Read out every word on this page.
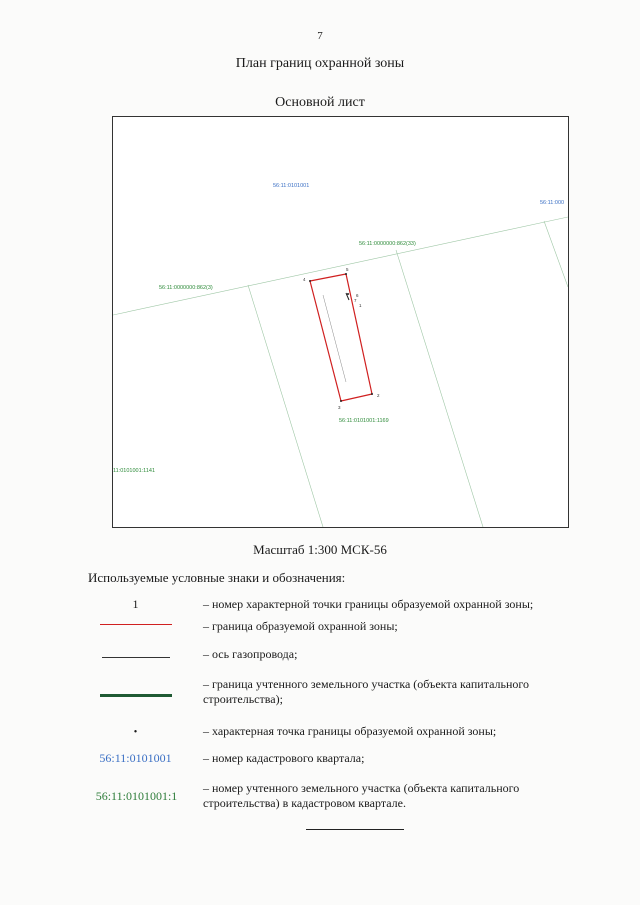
7
План границ охранной зоны
Основной лист
56:11:0101001
56:11:000
56:11:0000000:862(33)
56:11:0000000:862(3)
56:11:0101001:1169
11:0101001:1141
4
5
6
7
1
2
3
Масштаб 1:300 МСК-56
Используемые условные знаки и обозначения:
1	– номер характерной точки границы образуемой охранной зоны;
– граница образуемой охранной зоны;
– ось газопровода;
– граница учтенного земельного участка (объекта капитального строительства);
•	– характерная точка границы образуемой охранной зоны;
56:11:0101001	– номер кадастрового квартала;
56:11:0101001:1
– номер учтенного земельного участка (объекта капитального строительства) в кадастровом квартале.
